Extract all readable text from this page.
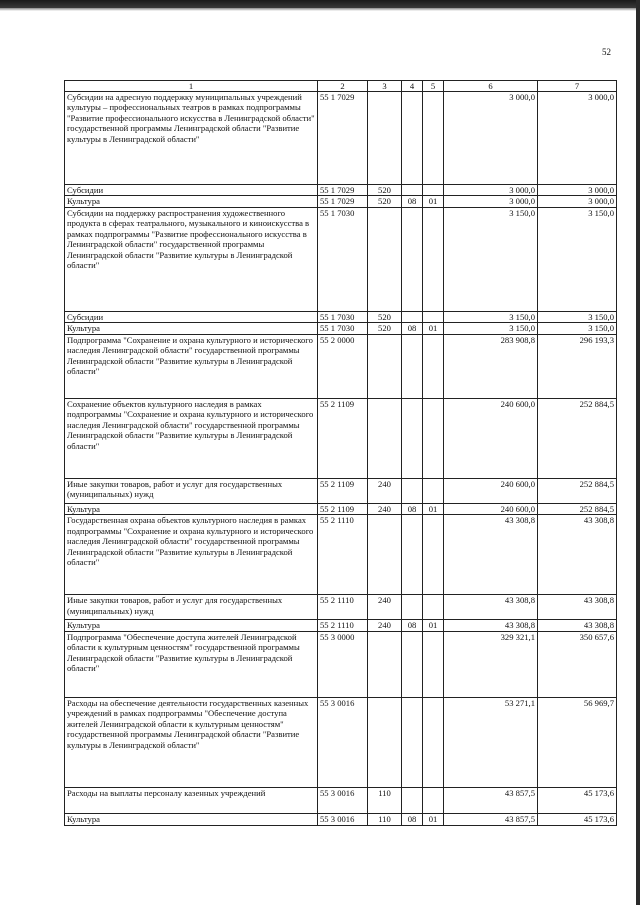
52
1	2	3	4	5	6	7
Субсидии на адресную поддержку муниципальных учреждений культуры – профессиональных театров в рамках подпрограммы "Развитие профессионального искусства в Ленинградской области" государственной программы Ленинградской области "Развитие культуры в Ленинградской области"	55 1 7029				3 000,0	3 000,0
Субсидии	55 1 7029	520			3 000,0	3 000,0
Культура	55 1 7029	520	08	01	3 000,0	3 000,0
Субсидии на поддержку распространения художественного продукта в сферах театрального, музыкального и киноискусства в рамках подпрограммы "Развитие профессионального искусства в Ленинградской области" государственной программы Ленинградской области "Развитие культуры в Ленинградской области"	55 1 7030				3 150,0	3 150,0
Субсидии	55 1 7030	520			3 150,0	3 150,0
Культура	55 1 7030	520	08	01	3 150,0	3 150,0
Подпрограмма "Сохранение и охрана культурного и исторического наследия Ленинградской области" государственной программы Ленинградской области "Развитие культуры в Ленинградской области"	55 2 0000				283 908,8	296 193,3
Сохранение объектов культурного наследия в рамках подпрограммы "Сохранение и охрана культурного и исторического наследия Ленинградской области" государственной программы Ленинградской области "Развитие культуры в Ленинградской области"	55 2 1109				240 600,0	252 884,5
Иные закупки товаров, работ и услуг для государственных (муниципальных) нужд	55 2 1109	240			240 600,0	252 884,5
Культура	55 2 1109	240	08	01	240 600,0	252 884,5
Государственная охрана объектов культурного наследия в рамках подпрограммы "Сохранение и охрана культурного и исторического наследия Ленинградской области" государственной программы Ленинградской области "Развитие культуры в Ленинградской области"	55 2 1110				43 308,8	43 308,8
Иные закупки товаров, работ и услуг для государственных (муниципальных) нужд	55 2 1110	240			43 308,8	43 308,8
Культура	55 2 1110	240	08	01	43 308,8	43 308,8
Подпрограмма "Обеспечение доступа жителей Ленинградской области к культурным ценностям" государственной программы Ленинградской области "Развитие культуры в Ленинградской области"	55 3 0000				329 321,1	350 657,6
Расходы на обеспечение деятельности государственных казенных учреждений в рамках подпрограммы "Обеспечение доступа жителей Ленинградской области к культурным ценностям" государственной программы Ленинградской области "Развитие культуры в Ленинградской области"	55 3 0016				53 271,1	56 969,7
Расходы на выплаты персоналу казенных учреждений	55 3 0016	110			43 857,5	45 173,6
Культура	55 3 0016	110	08	01	43 857,5	45 173,6
